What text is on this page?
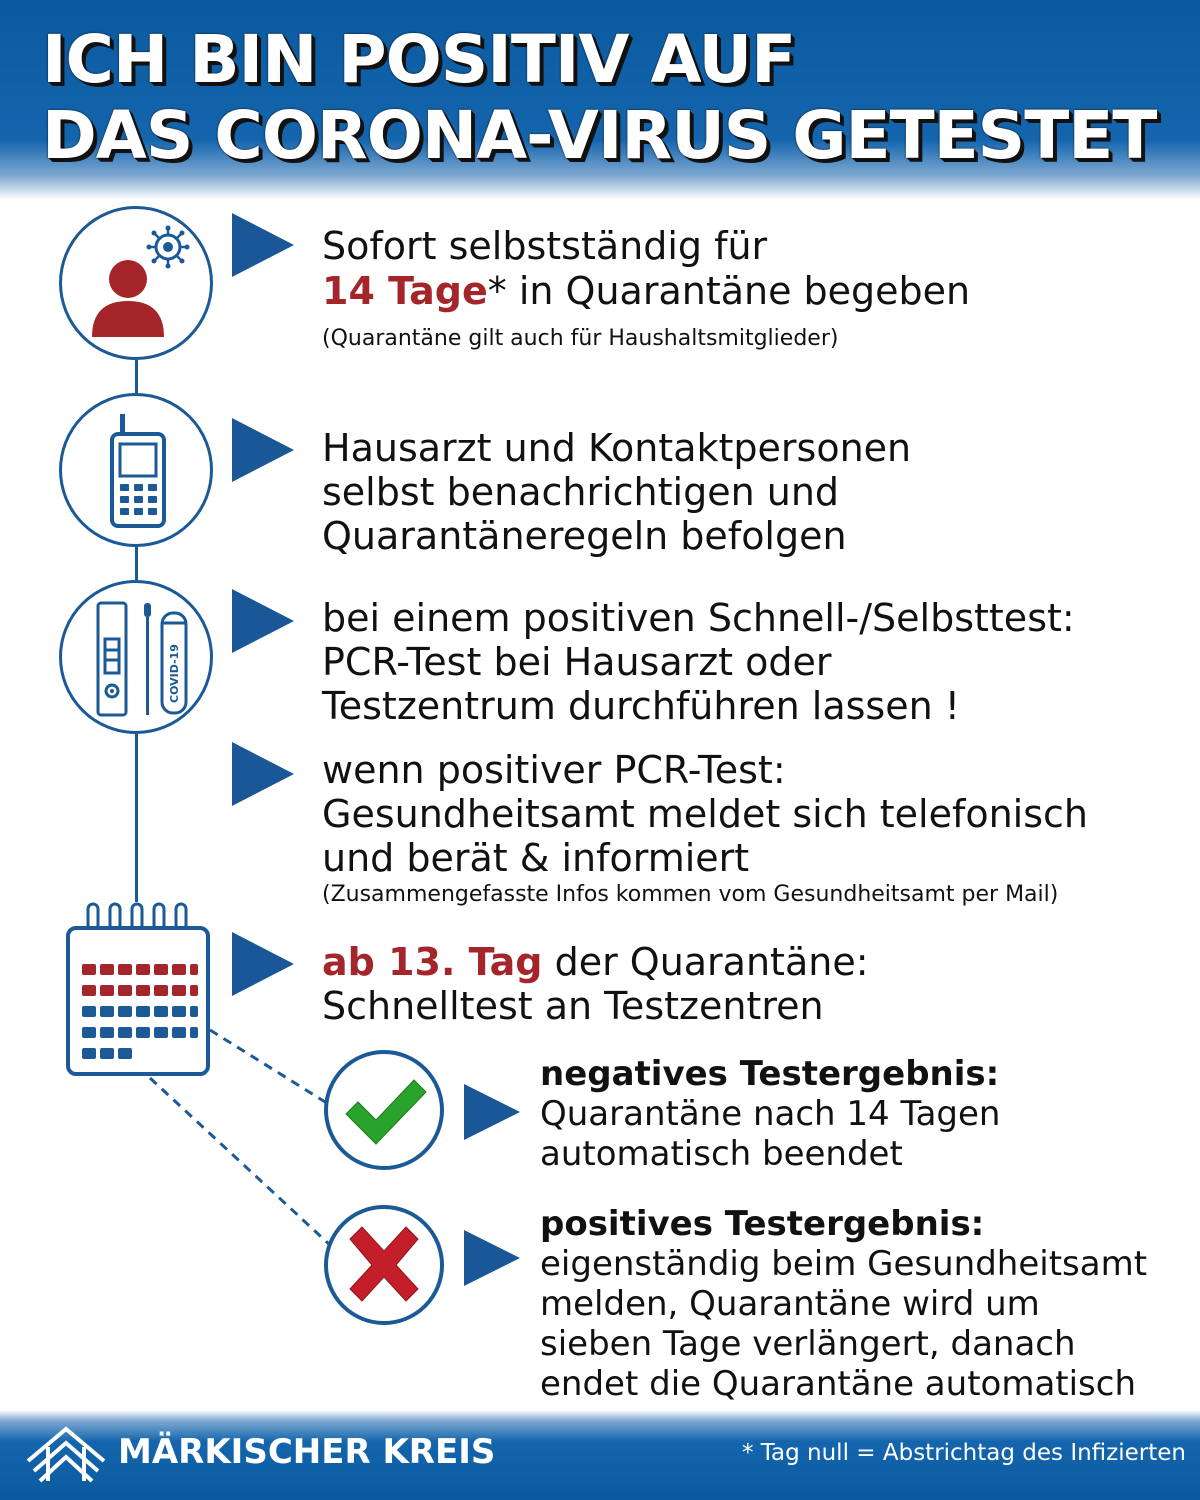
ICH BIN POSITIV AUF
DAS CORONA-VIRUS GETESTET
COVID-19
Sofort selbstständig für
14 Tage* in Quarantäne begeben
(Quarantäne gilt auch für Haushaltsmitglieder)
Hausarzt und Kontaktpersonen
selbst benachrichtigen und
Quarantäneregeln befolgen
bei einem positiven Schnell-/Selbsttest:
PCR-Test bei Hausarzt oder
Testzentrum durchführen lassen !
wenn positiver PCR-Test:
Gesundheitsamt meldet sich telefonisch
und berät & informiert
(Zusammengefasste Infos kommen vom Gesundheitsamt per Mail)
ab 13. Tag der Quarantäne:
Schnelltest an Testzentren
negatives Testergebnis:
Quarantäne nach 14 Tagen
automatisch beendet
positives Testergebnis:
eigenständig beim Gesundheitsamt
melden, Quarantäne wird um
sieben Tage verlängert, danach
endet die Quarantäne automatisch
MÄRKISCHER KREIS	* Tag null = Abstrichtag des Infizierten
